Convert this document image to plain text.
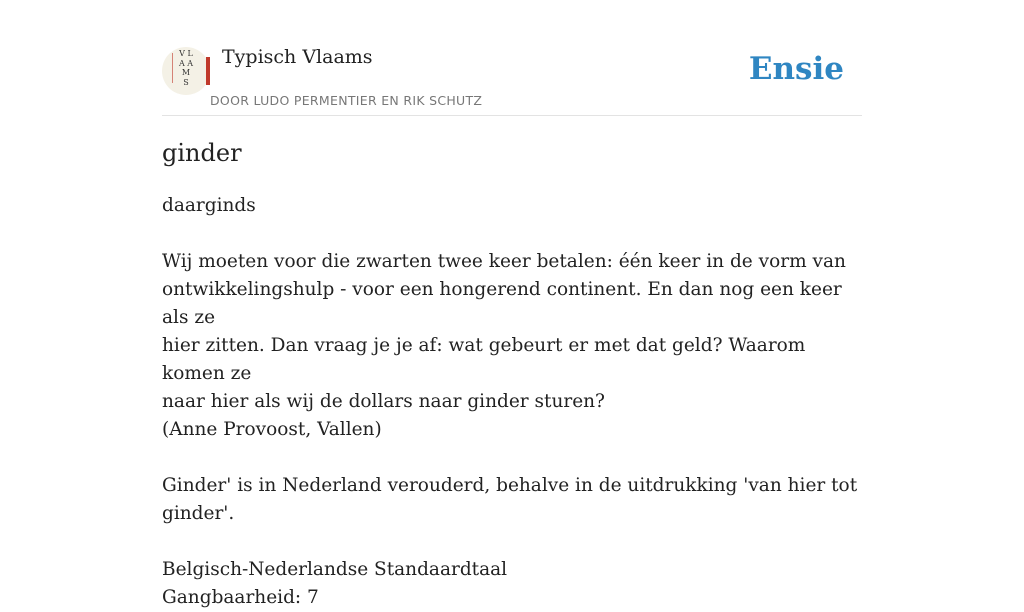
V L A A M S
Typisch Vlaams
DOOR LUDO PERMENTIER EN RIK SCHUTZ
Ensie
ginder

daarginds

Wij moeten voor die zwarten twee keer betalen: één keer in de vorm van

ontwikkelingshulp - voor een hongerend continent. En dan nog een keer als ze

hier zitten. Dan vraag je je af: wat gebeurt er met dat geld? Waarom komen ze

naar hier als wij de dollars naar ginder sturen?

(Anne Provoost, Vallen)

Ginder' is in Nederland verouderd, behalve in de uitdrukking 'van hier tot ginder'.

Belgisch-Nederlandse Standaardtaal

Gangbaarheid: 7
